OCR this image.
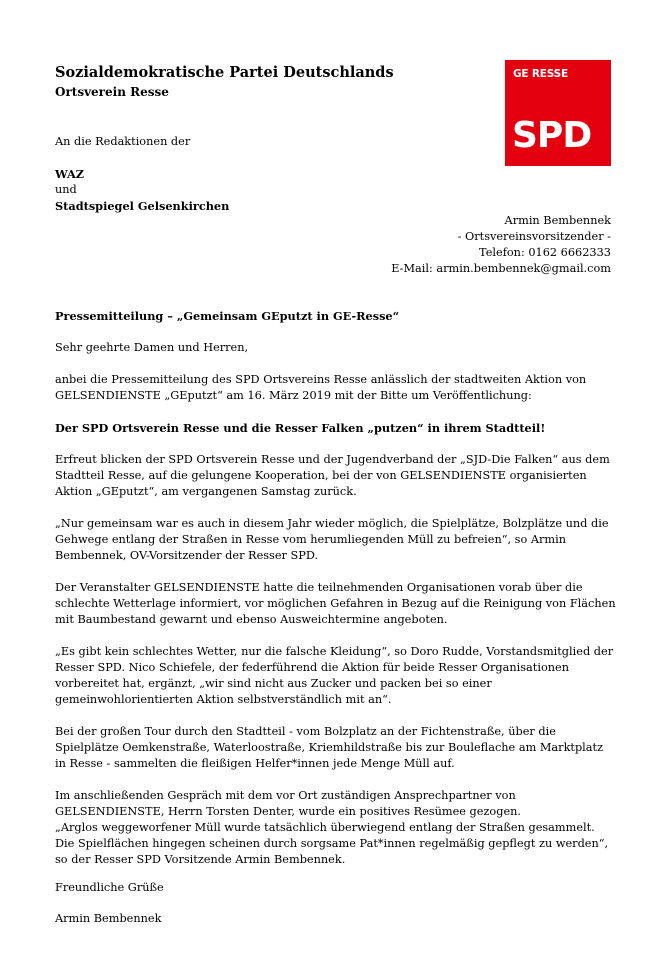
Sozialdemokratische Partei Deutschlands
Ortsverein Resse
GE RESSE
SPD
An die Redaktionen der
WAZ
und
Stadtspiegel Gelsenkirchen
Armin Bembennek
- Ortsvereinsvorsitzender -
Telefon: 0162 6662333
E-Mail: armin.bembennek@gmail.com
Pressemitteilung – „Gemeinsam GEputzt in GE-Resse“
Sehr geehrte Damen und Herren,
anbei die Pressemitteilung des SPD Ortsvereins Resse anlässlich der stadtweiten Aktion von
GELSENDIENSTE „GEputzt“ am 16. März 2019 mit der Bitte um Veröffentlichung:
Der SPD Ortsverein Resse und die Resser Falken „putzen“ in ihrem Stadtteil!
Erfreut blicken der SPD Ortsverein Resse und der Jugendverband der „SJD-Die Falken“ aus dem
Stadtteil Resse, auf die gelungene Kooperation, bei der von GELSENDIENSTE organisierten
Aktion „GEputzt“, am vergangenen Samstag zurück.
„Nur gemeinsam war es auch in diesem Jahr wieder möglich, die Spielplätze, Bolzplätze und die
Gehwege entlang der Straßen in Resse vom herumliegenden Müll zu befreien“, so Armin
Bembennek, OV-Vorsitzender der Resser SPD.
Der Veranstalter GELSENDIENSTE hatte die teilnehmenden Organisationen vorab über die
schlechte Wetterlage informiert, vor möglichen Gefahren in Bezug auf die Reinigung von Flächen
mit Baumbestand gewarnt und ebenso Ausweichtermine angeboten.
„Es gibt kein schlechtes Wetter, nur die falsche Kleidung“, so Doro Rudde, Vorstandsmitglied der
Resser SPD. Nico Schiefele, der federführend die Aktion für beide Resser Organisationen
vorbereitet hat, ergänzt, „wir sind nicht aus Zucker und packen bei so einer
gemeinwohlorientierten Aktion selbstverständlich mit an“.
Bei der großen Tour durch den Stadtteil - vom Bolzplatz an der Fichtenstraße, über die
Spielplätze Oemkenstraße, Waterloostraße, Kriemhildstraße bis zur Bouleflache am Marktplatz
in Resse - sammelten die fleißigen Helfer*innen jede Menge Müll auf.
Im anschließenden Gespräch mit dem vor Ort zuständigen Ansprechpartner von
GELSENDIENSTE, Herrn Torsten Denter, wurde ein positives Resümee gezogen.
„Arglos weggeworfener Müll wurde tatsächlich überwiegend entlang der Straßen gesammelt.
Die Spielflächen hingegen scheinen durch sorgsame Pat*innen regelmäßig gepflegt zu werden“,
so der Resser SPD Vorsitzende Armin Bembennek.
Freundliche Grüße
Armin Bembennek
